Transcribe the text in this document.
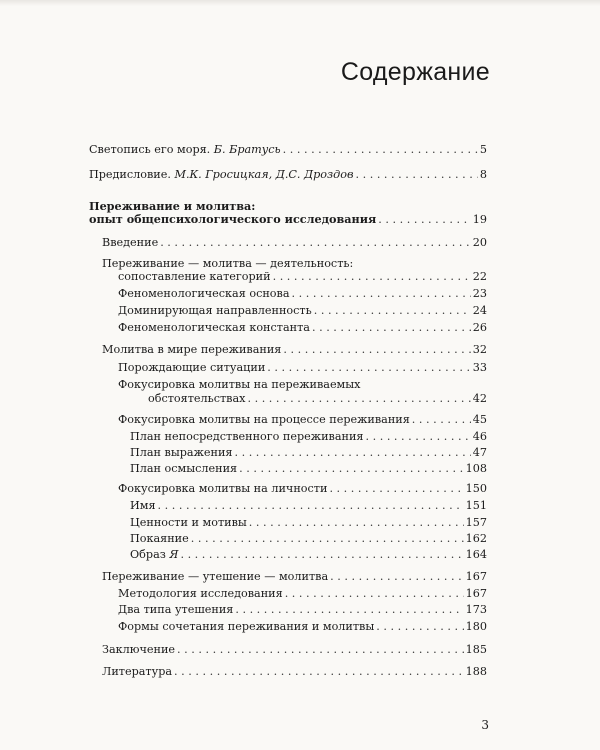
Содержание
Светопись его моря. Б. Братусь . . .	5
Предисловие. М.К. Гросицкая, Д.С. Дроздов . . .	8
Переживание и молитва:
опыт общепсихологического исследования . . .	19
Введение . . .	20
Переживание — молитва — деятельность:
сопоставление категорий . . .	22
Феноменологическая основа . . .	23
Доминирующая направленность . . .	24
Феноменологическая константа . . .	26
Молитва в мире переживания . . .	32
Порождающие ситуации . . .	33
Фокусировка молитвы на переживаемых
обстоятельствах . . .	42
Фокусировка молитвы на процессе переживания . . .	45
План непосредственного переживания . . .	46
План выражения . . .	47
План осмысления . . .	108
Фокусировка молитвы на личности . . .	150
Имя . . .	151
Ценности и мотивы . . .	157
Покаяние . . .	162
Образ Я . . .	164
Переживание — утешение — молитва . . .	167
Методология исследования . . .	167
Два типа утешения . . .	173
Формы сочетания переживания и молитвы . . .	180
Заключение . . .	185
Литература . . .	188
3
